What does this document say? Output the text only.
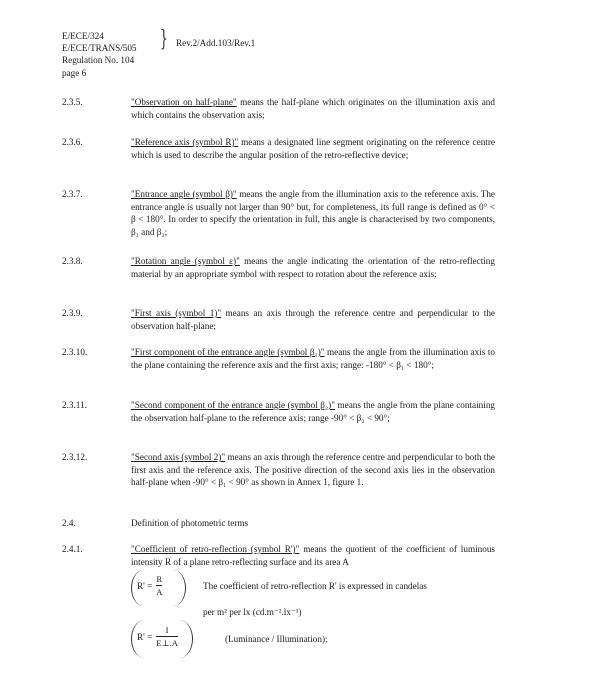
E/ECE/324
E/ECE/TRANS/505
Regulation No. 104
page 6
} Rev.2/Add.103/Rev.1
2.3.5.	"Observation on half-plane" means the half-plane which originates on the illumination axis and which contains the observation axis;
2.3.6.	"Reference axis (symbol R)" means a designated line segment originating on the reference centre which is used to describe the angular position of the retro-reflective device;
2.3.7.	"Entrance angle (symbol β)" means the angle from the illumination axis to the reference axis. The entrance angle is usually not larger than 90° but, for completeness, its full range is defined as 0° < β < 180°. In order to specify the orientation in full, this angle is characterised by two components, β₁ and β₂;
2.3.8.	"Rotation angle (symbol ε)" means the angle indicating the orientation of the retro-reflecting material by an appropriate symbol with respect to rotation about the reference axis;
2.3.9.	"First axis (symbol 1)" means an axis through the reference centre and perpendicular to the observation half-plane;
2.3.10.	"First component of the entrance angle (symbol β₁)" means the angle from the illumination axis to the plane containing the reference axis and the first axis; range: -180° < β₁ < 180°;
2.3.11.	"Second component of the entrance angle (symbol β₂)" means the angle from the plane containing the observation half-plane to the reference axis; range -90° < β₂ < 90°;
2.3.12.	"Second axis (symbol 2)" means an axis through the reference centre and perpendicular to both the first axis and the reference axis. The positive direction of the second axis lies in the observation half-plane when -90° < β₁ < 90° as shown in Annex 1, figure 1.
2.4.	Definition of photometric terms
2.4.1.	"Coefficient of retro-reflection (symbol R')" means the quotient of the coefficient of luminous intensity R of a plane retro-reflecting surface and its area A
$R' = \frac{R}{A}$	The coefficient of retro-reflection R' is expressed in candelas
per m² per lx (cd.m⁻².lx⁻¹)
$R' = \frac{I}{E\perp.A}$	(Luminance / Illumination);
